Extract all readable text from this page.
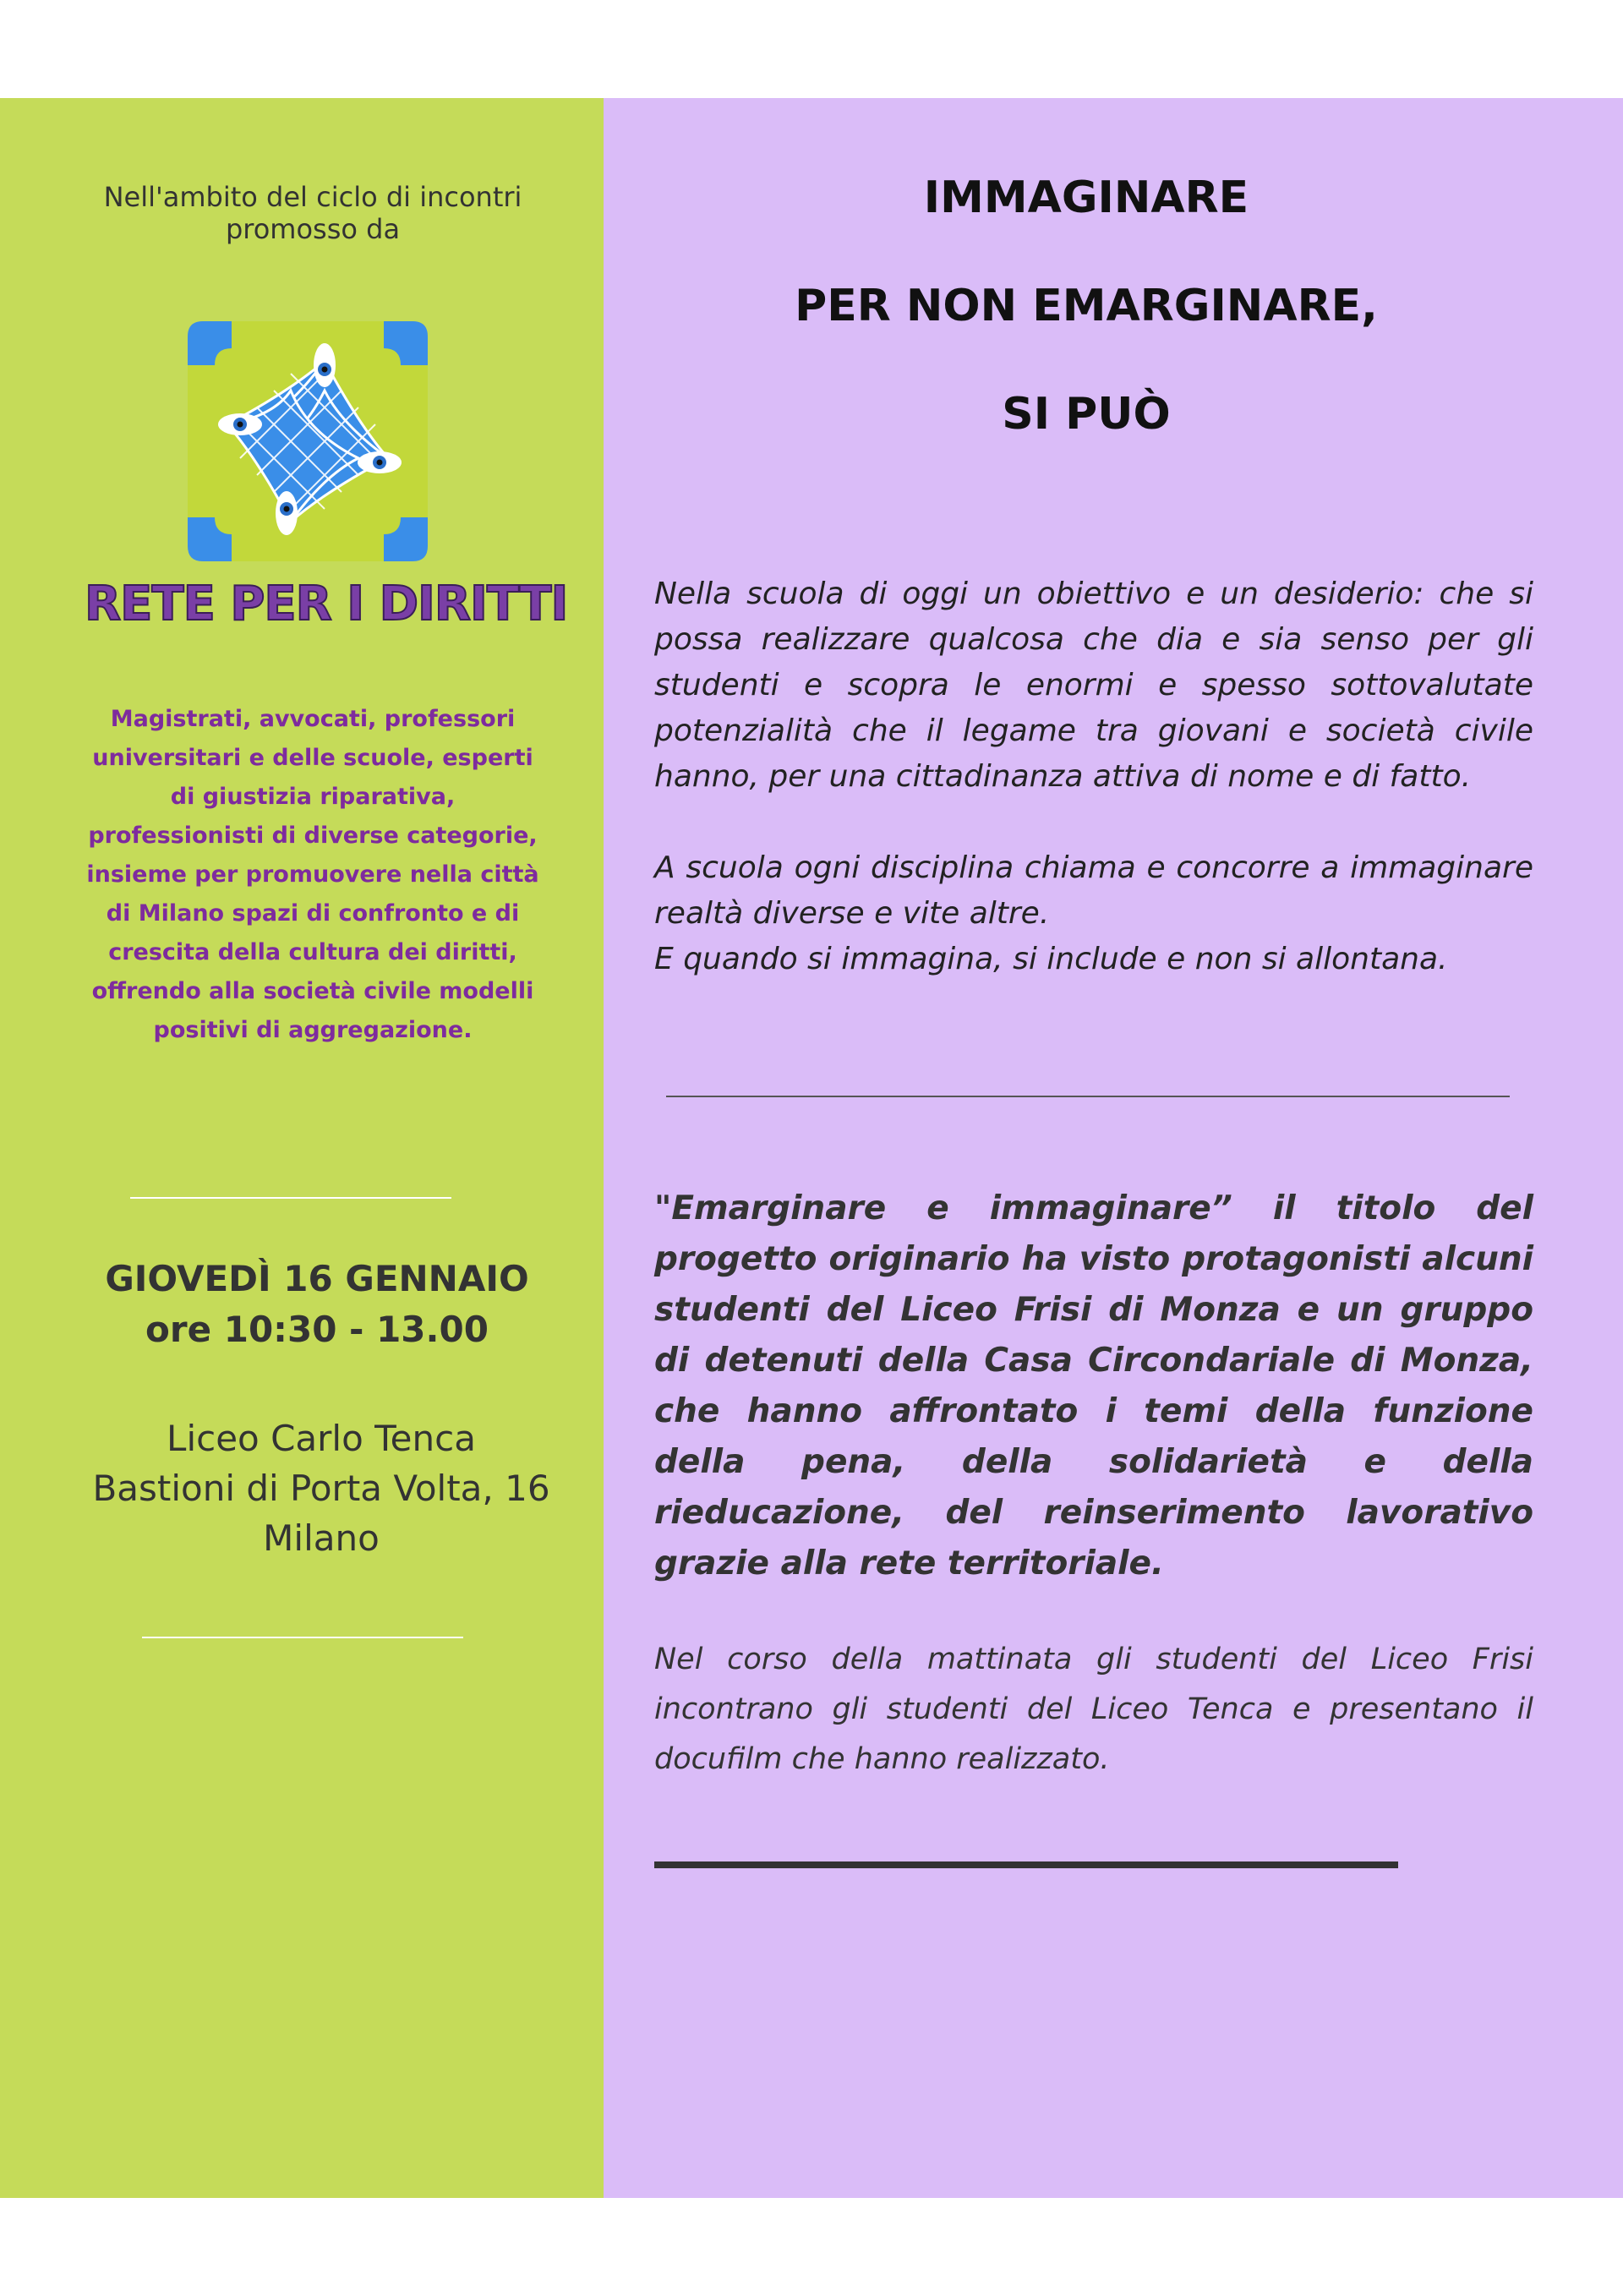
Nell'ambito del ciclo di incontri promosso da
RETE PER I DIRITTI
Magistrati, avvocati, professori universitari e delle scuole, esperti di giustizia riparativa, professionisti di diverse categorie, insieme per promuovere nella città di Milano spazi di confronto e di crescita della cultura dei diritti, offrendo alla società civile modelli positivi di aggregazione.
GIOVEDÌ 16 GENNAIO
ore 10:30 - 13.00
Liceo Carlo Tenca
Bastioni di Porta Volta, 16
Milano
IMMAGINARE
PER NON EMARGINARE,
SI PUÒ
Nella scuola di oggi un obiettivo e un desiderio: che si possa realizzare qualcosa che dia e sia senso per gli studenti e scopra le enormi e spesso sottovalutate potenzialità che il legame tra giovani e società civile hanno, per una cittadinanza attiva di nome e di fatto.
A scuola ogni disciplina chiama e concorre a immaginare realtà diverse e vite altre.
E quando si immagina, si include e non si allontana.
"Emarginare e immaginare” il titolo del progetto originario ha visto protagonisti alcuni studenti del Liceo Frisi di Monza e un gruppo di detenuti della Casa Circondariale di Monza, che hanno affrontato i temi della funzione della pena, della solidarietà e della rieducazione, del reinserimento lavorativo grazie alla rete territoriale.
Nel corso della mattinata gli studenti del Liceo Frisi incontrano gli studenti del Liceo Tenca e presentano il docufilm che hanno realizzato.
